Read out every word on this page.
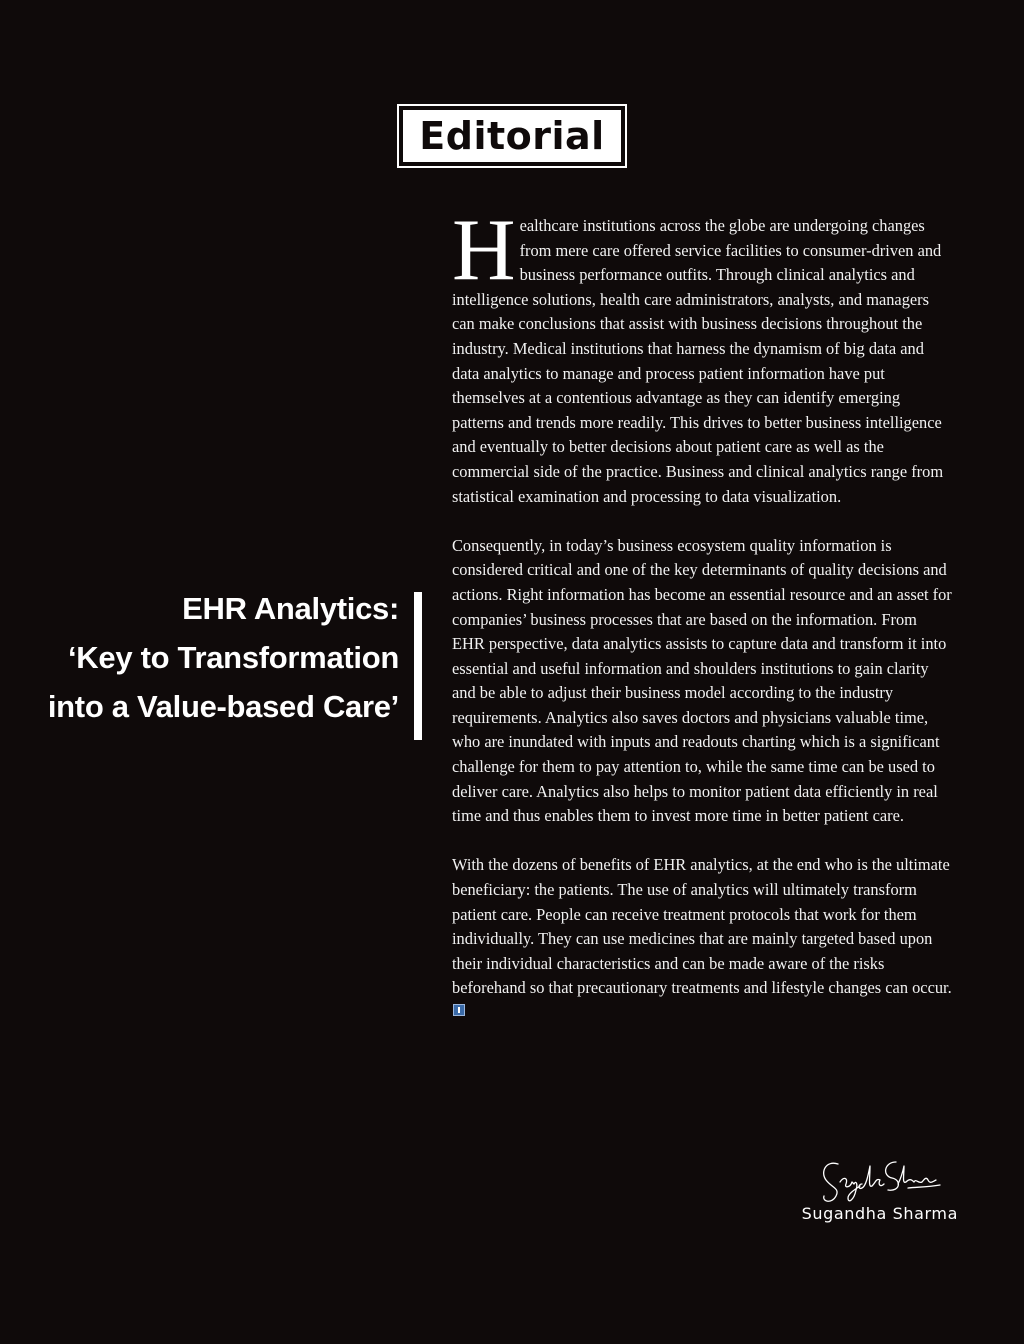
Editorial
EHR Analytics:
‘Key to Transformation
into a Value-based Care’

Healthcare institutions across the globe are undergoing changes from mere care offered service facilities to consumer-driven and business performance outfits. Through clinical analytics and intelligence solutions, health care administrators, analysts, and managers can make conclusions that assist with business decisions throughout the industry. Medical institutions that harness the dynamism of big data and data analytics to manage and process patient information have put themselves at a contentious advantage as they can identify emerging patterns and trends more readily. This drives to better business intelligence and eventually to better decisions about patient care as well as the commercial side of the practice. Business and clinical analytics range from statistical examination and processing to data visualization.

Consequently, in today’s business ecosystem quality information is considered critical and one of the key determinants of quality decisions and actions. Right information has become an essential resource and an asset for companies’ business processes that are based on the information. From EHR perspective, data analytics assists to capture data and transform it into essential and useful information and shoulders institutions to gain clarity and be able to adjust their business model according to the industry requirements. Analytics also saves doctors and physicians valuable time, who are inundated with inputs and readouts charting which is a significant challenge for them to pay attention to, while the same time can be used to deliver care. Analytics also helps to monitor patient data efficiently in real time and thus enables them to invest more time in better patient care.

With the dozens of benefits of EHR analytics, at the end who is the ultimate beneficiary: the patients. The use of analytics will ultimately transform patient care. People can receive treatment protocols that work for them individually. They can use medicines that are mainly targeted based upon their individual characteristics and can be made aware of the risks beforehand so that precautionary treatments and lifestyle changes can occur.

Sugandha Sharma
